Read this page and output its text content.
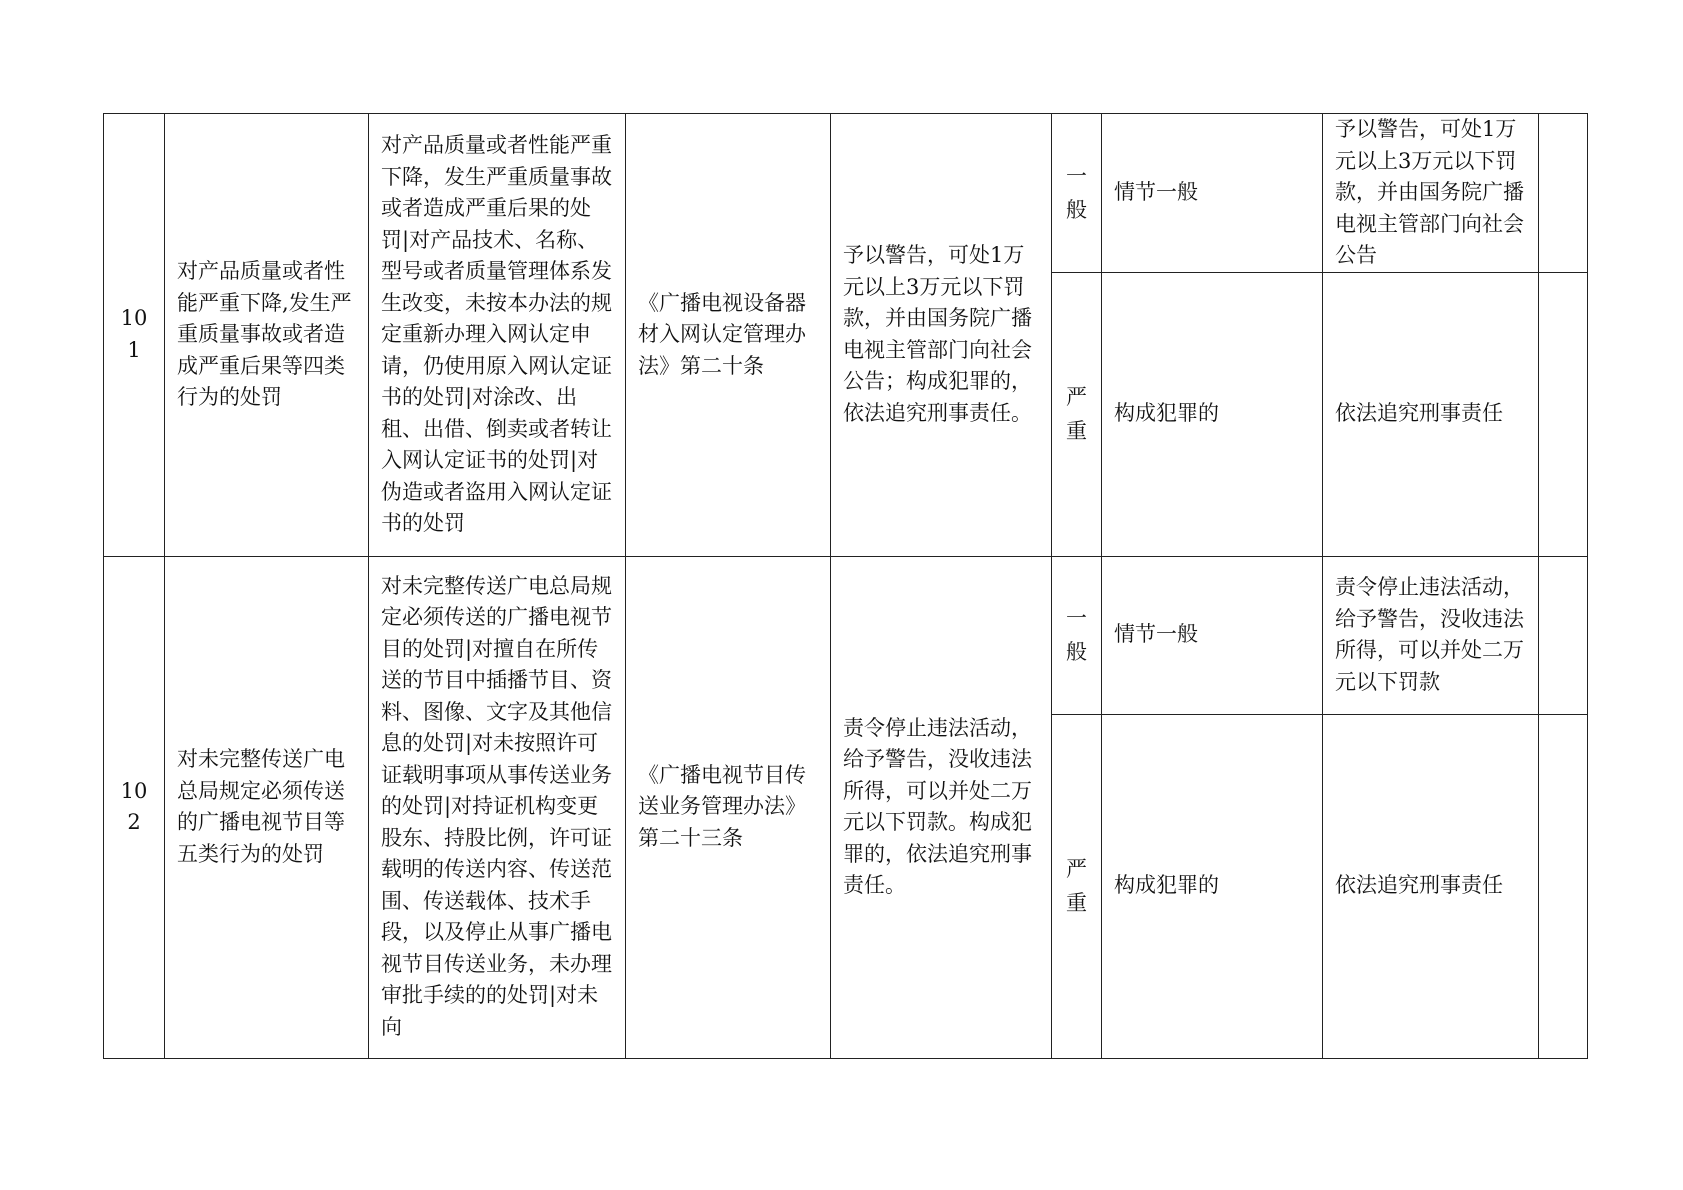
101	对产品质量或者性能严重下降,发生严重质量事故或者造成严重后果等四类行为的处罚	对产品质量或者性能严重下降，发生严重质量事故或者造成严重后果的处罚|对产品技术、名称、型号或者质量管理体系发生改变，未按本办法的规定重新办理入网认定申请，仍使用原入网认定证书的处罚|对涂改、出租、出借、倒卖或者转让入网认定证书的处罚|对伪造或者盗用入网认定证书的处罚	《广播电视设备器材入网认定管理办法》第二十条	予以警告，可处1万元以上3万元以下罚款，并由国务院广播电视主管部门向社会公告；构成犯罪的，依法追究刑事责任。	一般	情节一般	予以警告，可处1万元以上3万元以下罚款，并由国务院广播电视主管部门向社会公告	

					严重	构成犯罪的	依法追究刑事责任	
102	对未完整传送广电总局规定必须传送的广播电视节目等五类行为的处罚	对未完整传送广电总局规定必须传送的广播电视节目的处罚|对擅自在所传送的节目中插播节目、资料、图像、文字及其他信息的处罚|对未按照许可证载明事项从事传送业务的处罚|对持证机构变更股东、持股比例，许可证载明的传送内容、传送范围、传送载体、技术手段，以及停止从事广播电视节目传送业务，未办理审批手续的的处罚|对未向	《广播电视节目传送业务管理办法》第二十三条	责令停止违法活动，给予警告，没收违法所得，可以并处二万元以下罚款。构成犯罪的，依法追究刑事责任。	一般	情节一般	责令停止违法活动，给予警告，没收违法所得，可以并处二万元以下罚款	

					严重	构成犯罪的	依法追究刑事责任	
